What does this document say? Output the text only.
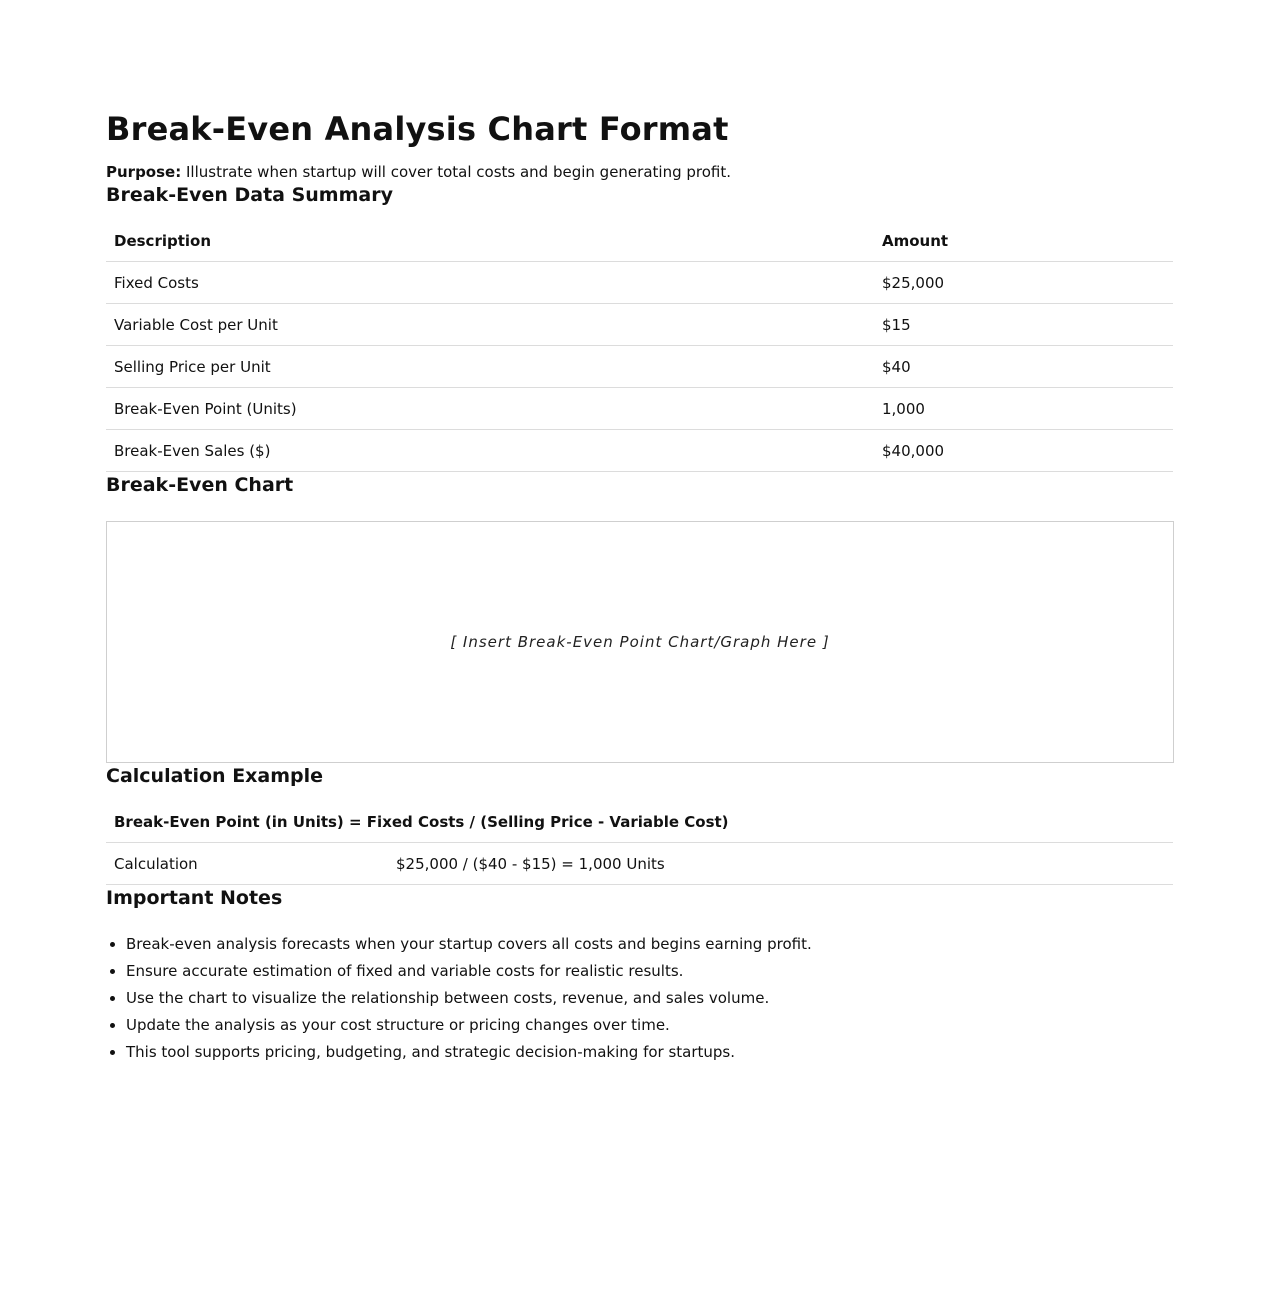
Break-Even Analysis Chart Format
Purpose: Illustrate when startup will cover total costs and begin generating profit.
Break-Even Data Summary
Description	Amount
Fixed Costs	$25,000
Variable Cost per Unit	$15
Selling Price per Unit	$40
Break-Even Point (Units)	1,000
Break-Even Sales ($)	$40,000
Break-Even Chart
[ Insert Break-Even Point Chart/Graph Here ]
Calculation Example
Break-Even Point (in Units) = Fixed Costs / (Selling Price - Variable Cost)
Calculation	$25,000 / ($40 - $15) = 1,000 Units
Important Notes
• Break-even analysis forecasts when your startup covers all costs and begins earning profit.
• Ensure accurate estimation of fixed and variable costs for realistic results.
• Use the chart to visualize the relationship between costs, revenue, and sales volume.
• Update the analysis as your cost structure or pricing changes over time.
• This tool supports pricing, budgeting, and strategic decision-making for startups.
